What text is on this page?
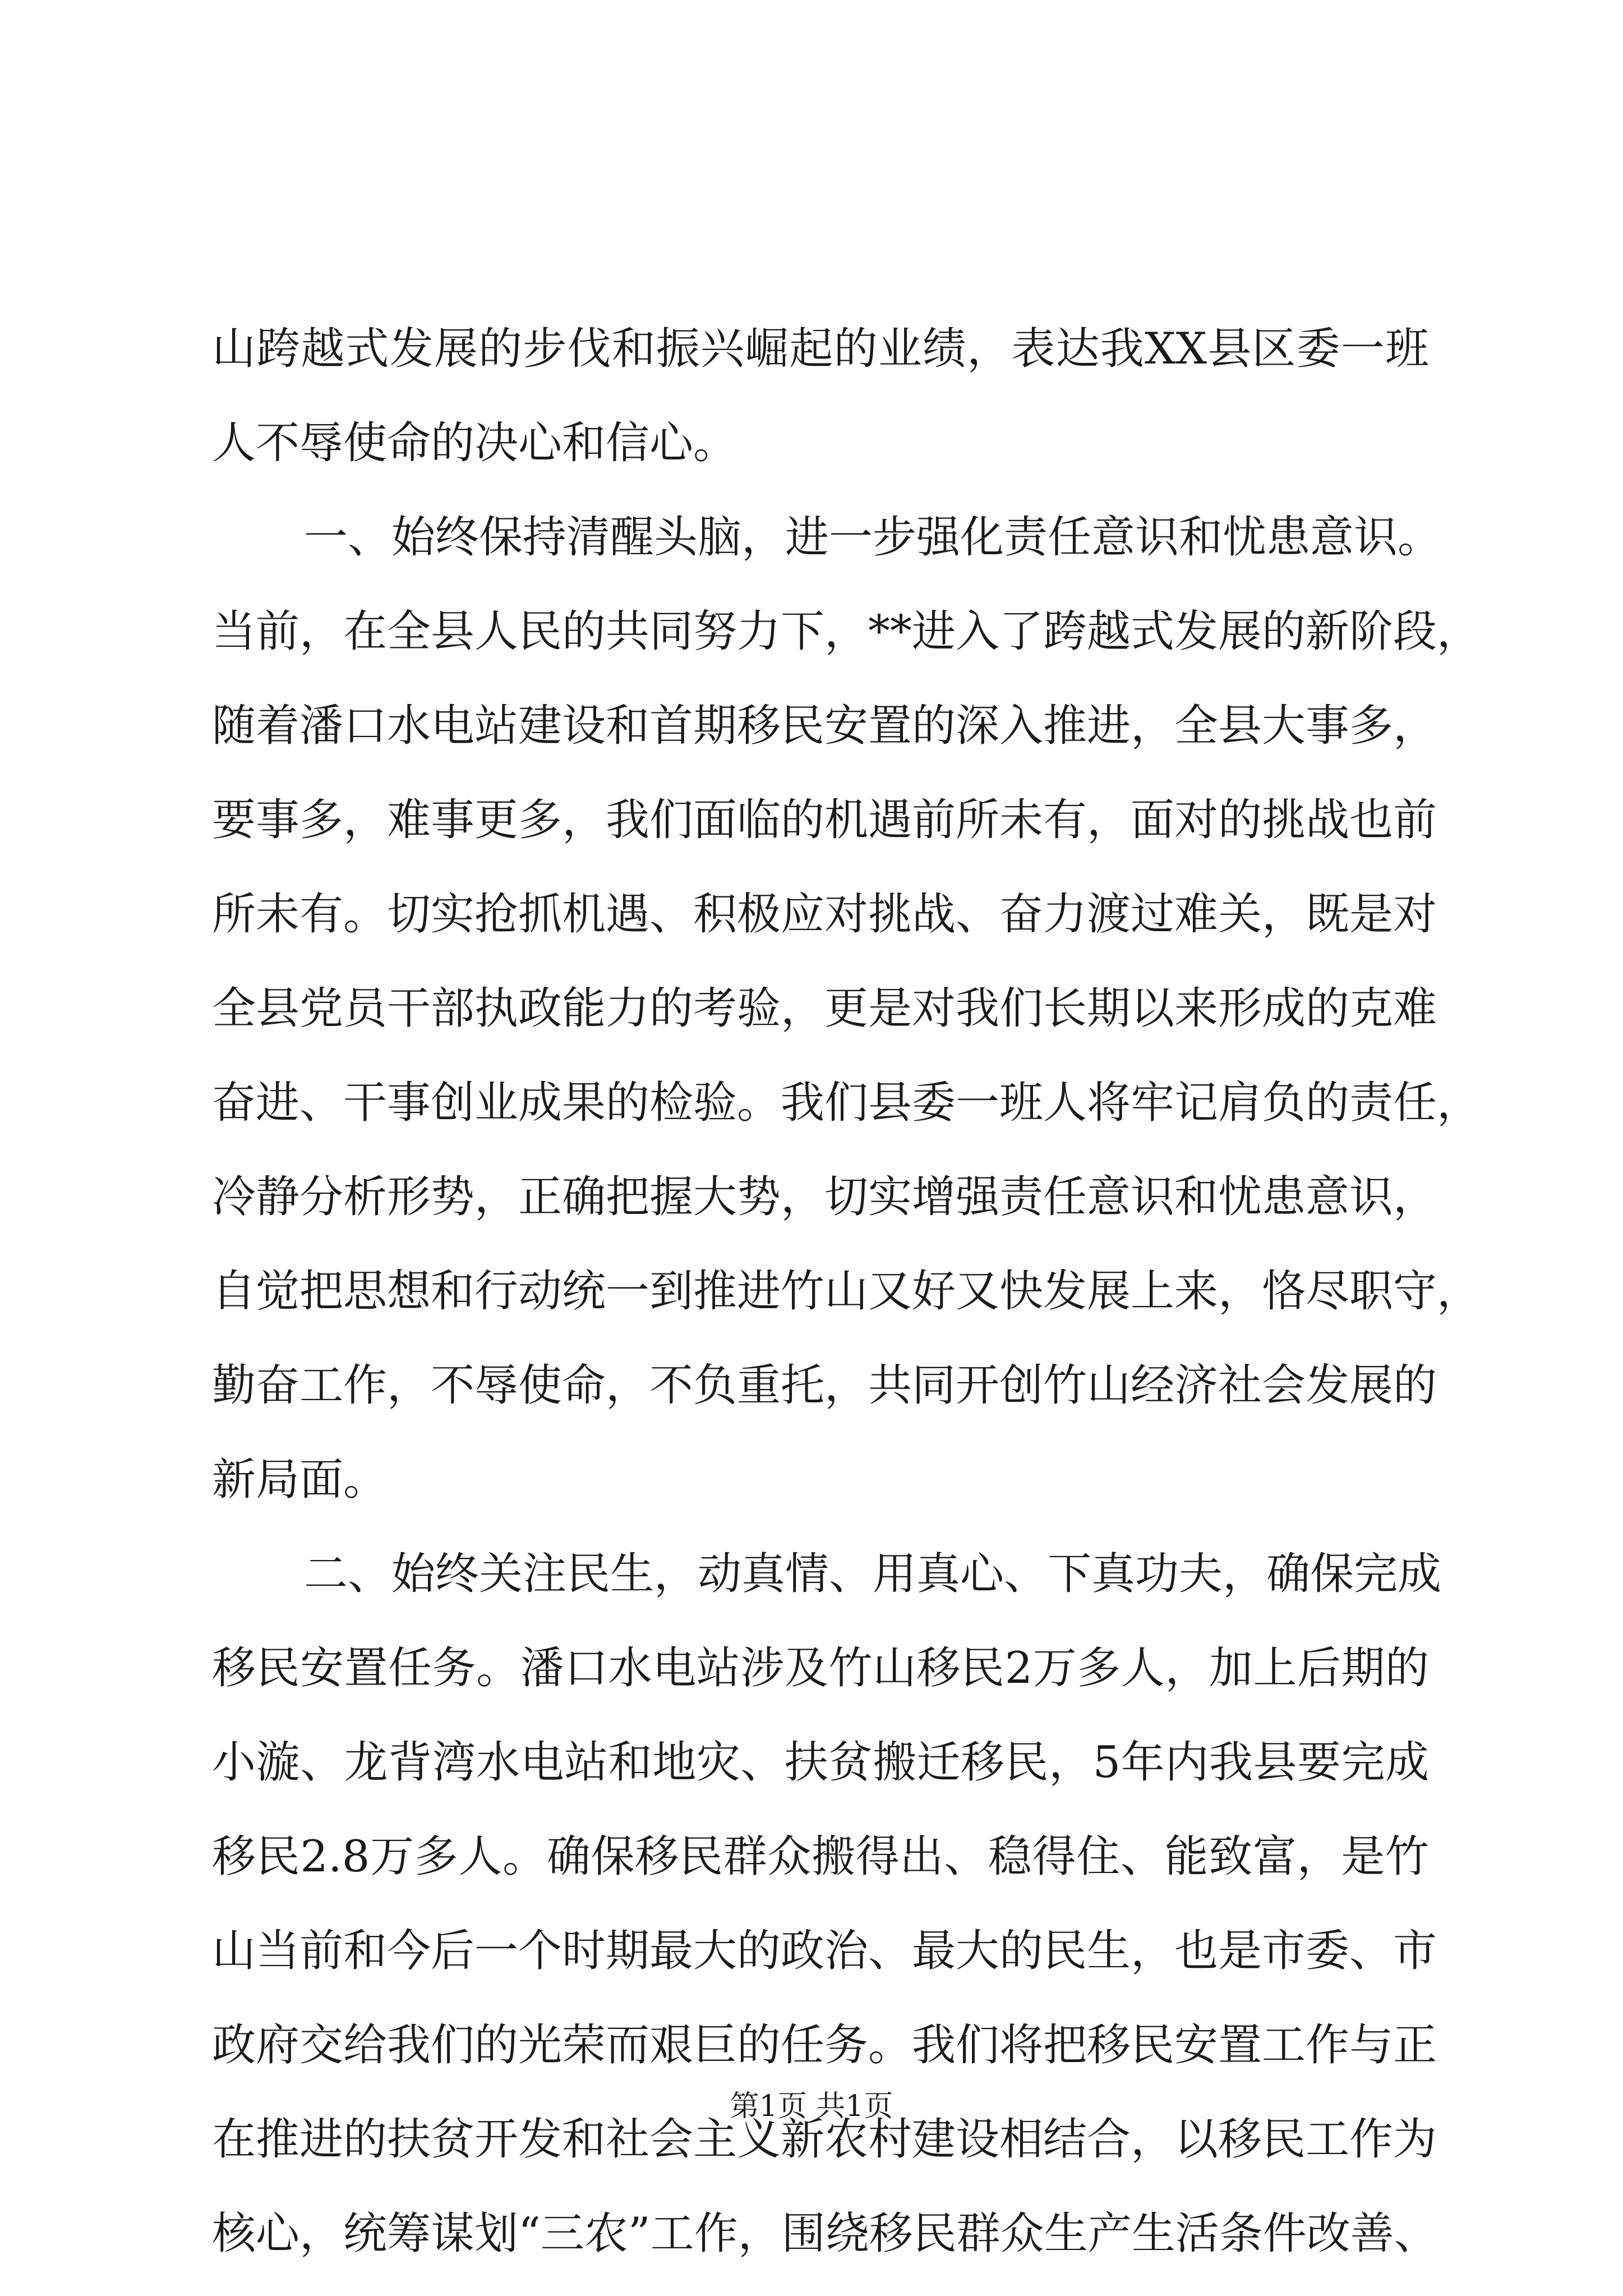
山跨越式发展的步伐和振兴崛起的业绩，表达我XX县区委一班
人不辱使命的决心和信心。
一、始终保持清醒头脑，进一步强化责任意识和忧患意识。
当前，在全县人民的共同努力下，**进入了跨越式发展的新阶段，
随着潘口水电站建设和首期移民安置的深入推进，全县大事多，
要事多，难事更多，我们面临的机遇前所未有，面对的挑战也前
所未有。切实抢抓机遇、积极应对挑战、奋力渡过难关，既是对
全县党员干部执政能力的考验，更是对我们长期以来形成的克难
奋进、干事创业成果的检验。我们县委一班人将牢记肩负的责任，
冷静分析形势，正确把握大势，切实增强责任意识和忧患意识，
自觉把思想和行动统一到推进竹山又好又快发展上来，恪尽职守，
勤奋工作，不辱使命，不负重托，共同开创竹山经济社会发展的
新局面。
二、始终关注民生，动真情、用真心、下真功夫，确保完成
移民安置任务。潘口水电站涉及竹山移民2万多人，加上后期的
小漩、龙背湾水电站和地灾、扶贫搬迁移民，5年内我县要完成
移民2.8万多人。确保移民群众搬得出、稳得住、能致富，是竹
山当前和今后一个时期最大的政治、最大的民生，也是市委、市
政府交给我们的光荣而艰巨的任务。我们将把移民安置工作与正
在推进的扶贫开发和社会主义新农村建设相结合，以移民工作为
核心，统筹谋划“三农”工作，围绕移民群众生产生活条件改善、
第1页 共1页
